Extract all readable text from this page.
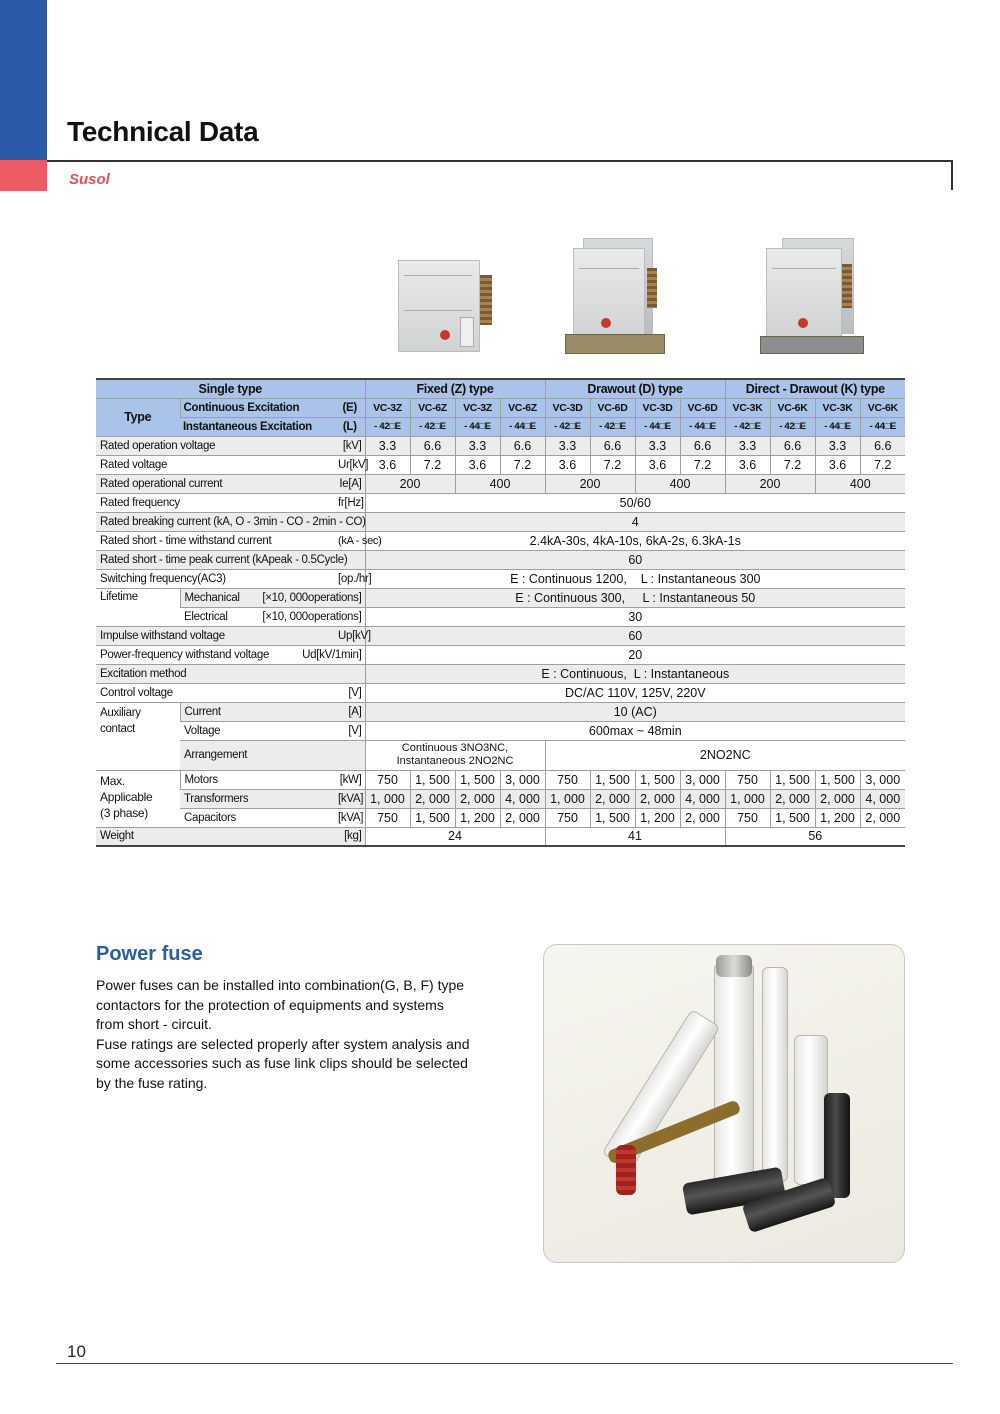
Technical Data
Susol
Single type			Fixed (Z) type				Drawout (D) type				Direct - Drawout (K) type			
Type	Continuous Excitation	(E)	VC-3Z	VC-6Z	VC-3Z	VC-6Z	VC-3D	VC-6D	VC-3D	VC-6D	VC-3K	VC-6K	VC-3K	VC-6K
	Instantaneous Excitation	(L)	- 42□E	- 42□E	- 44□E	- 44□E	- 42□E	- 42□E	- 44□E	- 44□E	- 42□E	- 42□E	- 44□E	- 44□E
Rated operation voltage		[kV]	3.3	6.6	3.3	6.6	3.3	6.6	3.3	6.6	3.3	6.6	3.3	6.6
Rated voltage		Ur[kV]	3.6	7.2	3.6	7.2	3.6	7.2	3.6	7.2	3.6	7.2	3.6	7.2
Rated operational current		Ie[A]	200		400		200		400		200		400	
Rated frequency		fr[Hz]	50/60											
Rated breaking current (kA, O - 3min - CO - 2min - CO)			4											
Rated short - time withstand current		(kA - sec)	2.4kA-30s, 4kA-10s, 6kA-2s, 6.3kA-1s											
Rated short - time peak current (kApeak - 0.5Cycle)			60											
Switching frequency(AC3)		[op./hr]	E : Continuous 1200,    L : Instantaneous 300											
Lifetime	Mechanical [×10, 000operations]		E : Continuous 300,     L : Instantaneous 50											

	Electrical [×10, 000operations]		30											
Impulse withstand voltage		Up[kV]	60											

Power-frequency withstand voltage Ud[kV/1min]			20											
Excitation method			E : Continuous,  L : Instantaneous											
Control voltage		[V]	DC/AC 110V, 125V, 220V											
Auxiliary contact	Current	[A]	10 (AC)											
	Voltage	[V]	600max ~ 48min											
	Arrangement		Continuous 3NO3NC,
Instantaneous 2NO2NC				2NO2NC							

Max.
Applicable
(3 phase)	Motors	[kW]	750	1, 500	1, 500	3, 000	750	1, 500	1, 500	3, 000	750	1, 500	1, 500	3, 000
	Transformers	[kVA]	1, 000	2, 000	2, 000	4, 000	1, 000	2, 000	2, 000	4, 000	1, 000	2, 000	2, 000	4, 000
	Capacitors	[kVA]	750	1, 500	1, 200	2, 000	750	1, 500	1, 200	2, 000	750	1, 500	1, 200	2, 000
Weight		[kg]	24				41				56			
Power fuse

Power fuses can be installed into combination(G, B, F) type

contactors for the protection of equipments and systems

from short - circuit.

Fuse ratings are selected properly after system analysis and

some accessories such as fuse link clips should be selected

by the fuse rating.

10
